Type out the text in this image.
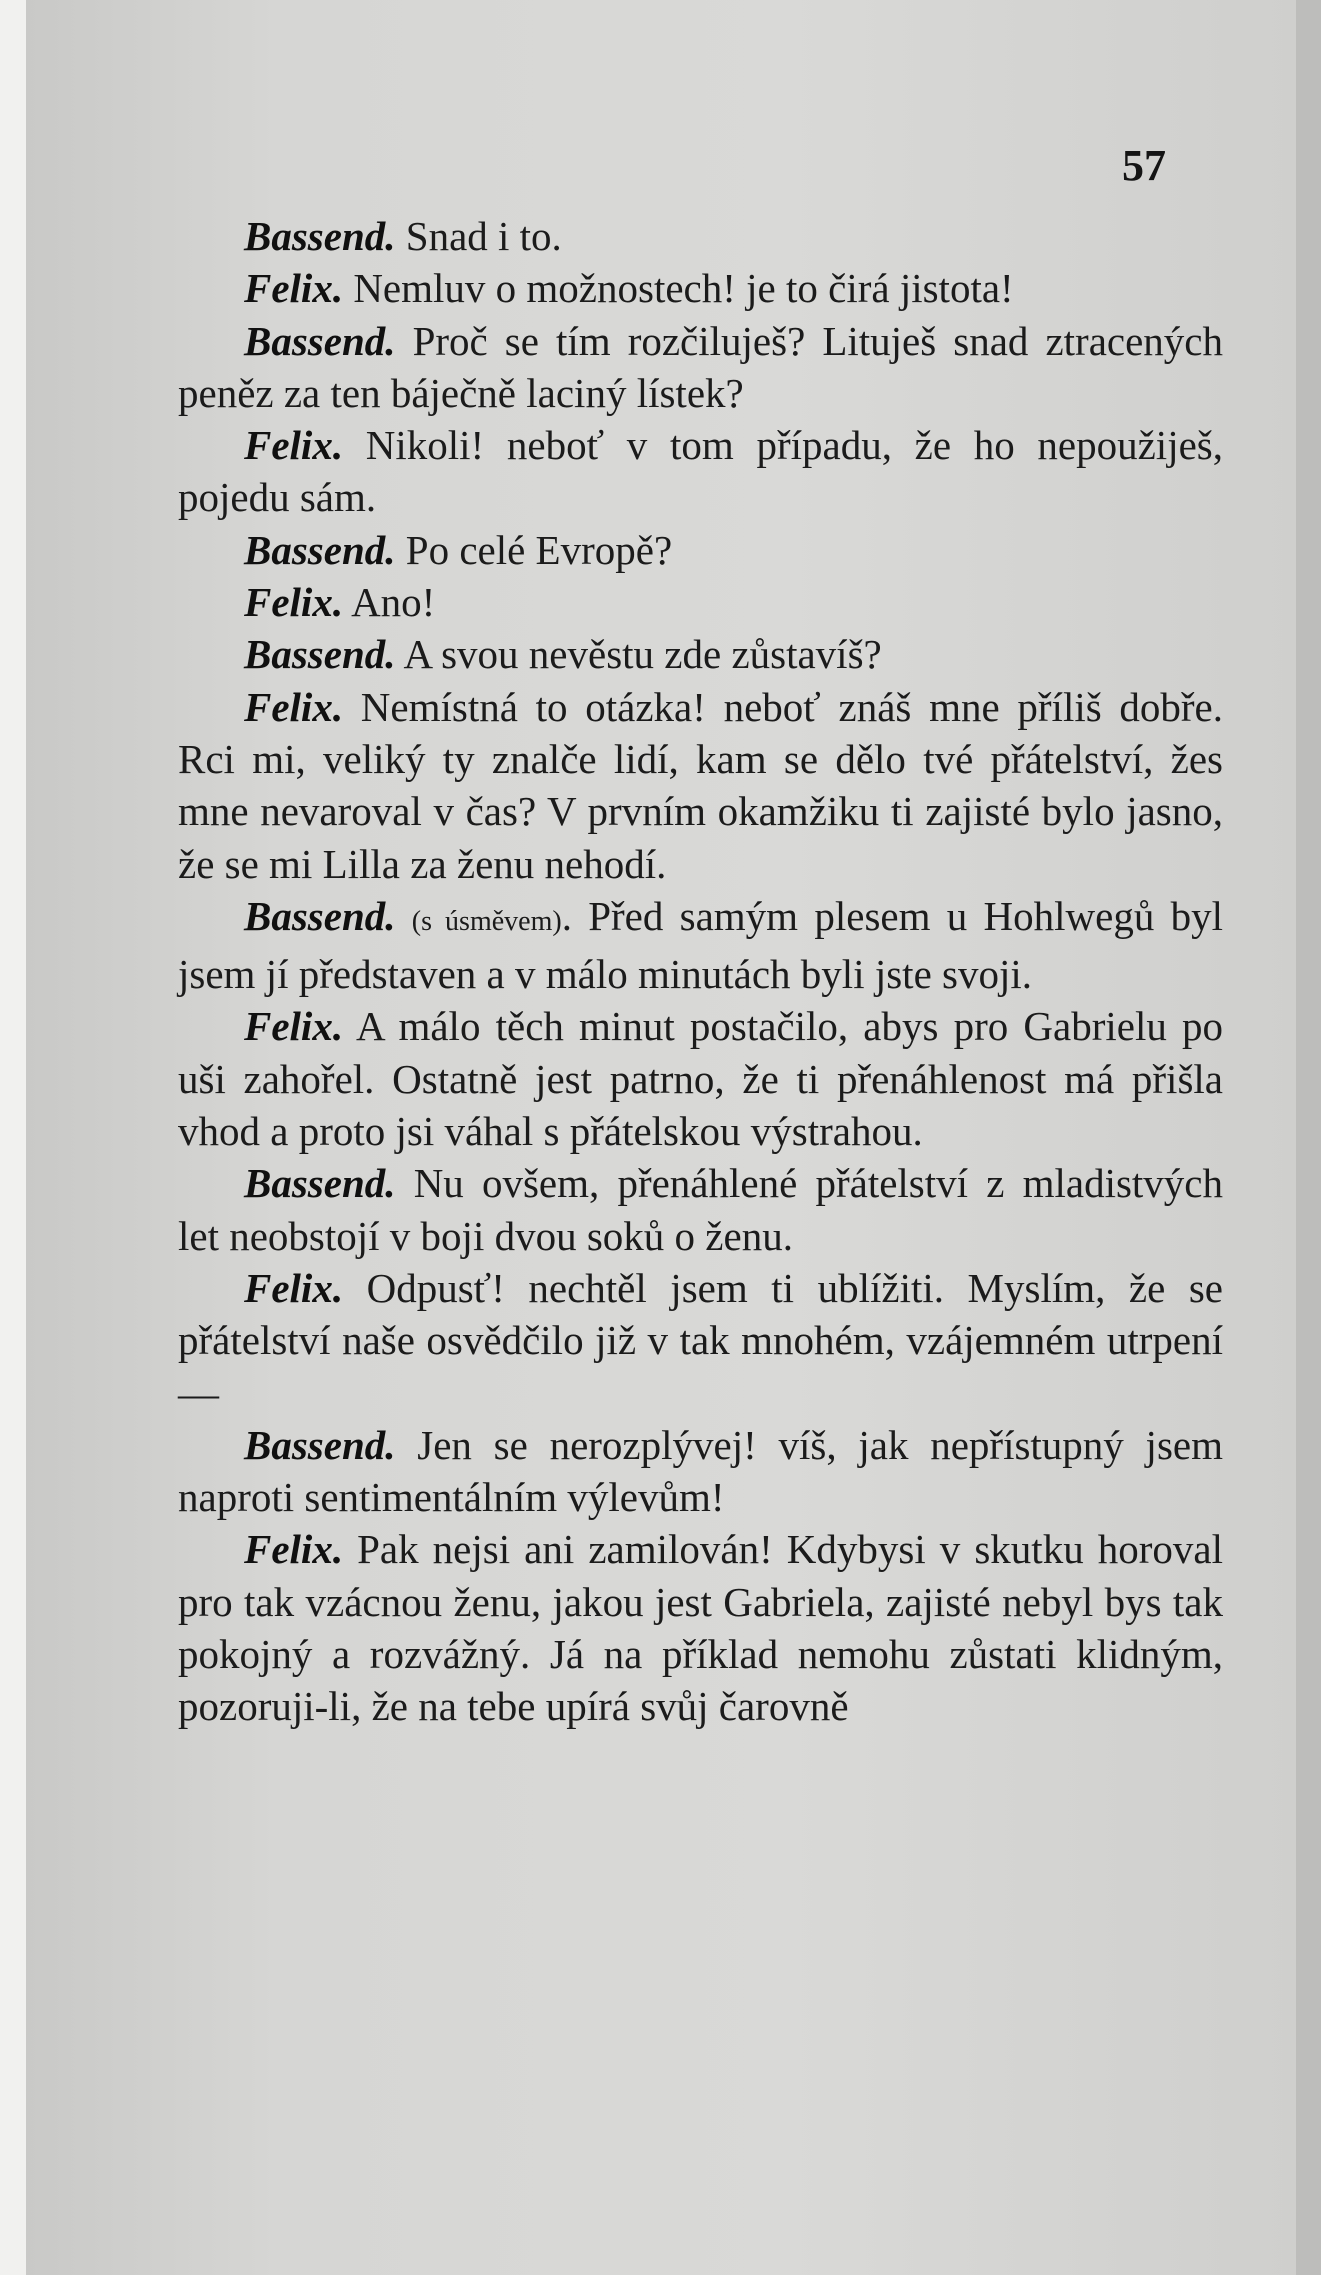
57

Bassend. Snad i to.

Felix. Nemluv o možnostech! je to čirá jistota!

Bassend. Proč se tím rozčiluješ? Lituješ snad ztracených peněz za ten báječně laciný lístek?

Felix. Nikoli! neboť v tom případu, že ho nepoužiješ, pojedu sám.

Bassend. Po celé Evropě?

Felix. Ano!

Bassend. A svou nevěstu zde zůstavíš?

Felix. Nemístná to otázka! neboť znáš mne příliš dobře. Rci mi, veliký ty znalče lidí, kam se dělo tvé přátelství, žes mne nevaroval v čas? V prvním okamžiku ti zajisté bylo jasno, že se mi Lilla za ženu nehodí.

Bassend. (s úsměvem). Před samým plesem u Hohlwegů byl jsem jí představen a v málo minutách byli jste svoji.

Felix. A málo těch minut postačilo, abys pro Gabrielu po uši zahořel. Ostatně jest patrno, že ti přenáhlenost má přišla vhod a proto jsi váhal s přátelskou výstrahou.

Bassend. Nu ovšem, přenáhlené přátelství z mladistvých let neobstojí v boji dvou soků o ženu.

Felix. Odpusť! nechtěl jsem ti ublížiti. Myslím, že se přátelství naše osvědčilo již v tak mnohém, vzájemném utrpení —

Bassend. Jen se nerozplývej! víš, jak nepřístupný jsem naproti sentimentálním výlevům!

Felix. Pak nejsi ani zamilován! Kdybysi v skutku horoval pro tak vzácnou ženu, jakou jest Gabriela, zajisté nebyl bys tak pokojný a rozvážný. Já na příklad nemohu zůstati klidným, pozoruji-li, že na tebe upírá svůj čarovně
